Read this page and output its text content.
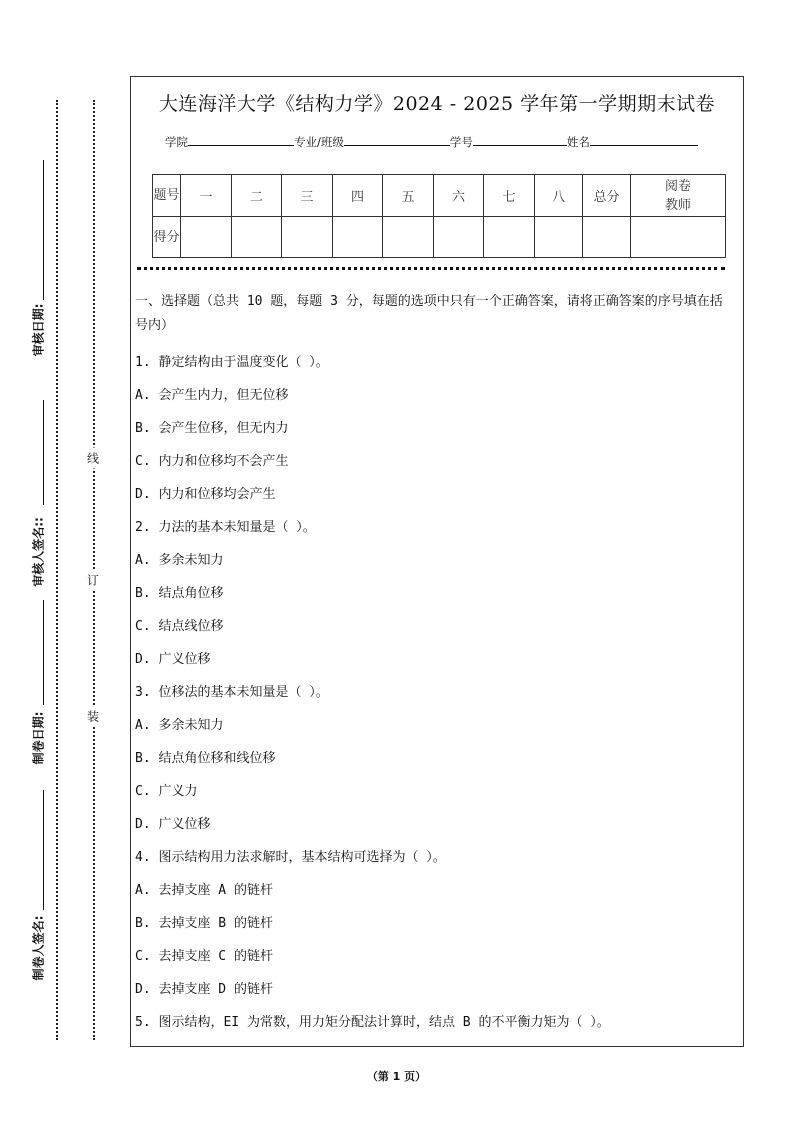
审核日期:
审核人签名::
制卷日期:
制卷人签名:
线
订
装
大连海洋大学《结构力学》2024 - 2025 学年第一学期期末试卷
学院	专业/班级	学号	姓名
题号	一	二	三	四	五	六	七	八	总分	阅卷教师
得分										
一、选择题（总共 10 题，每题 3 分，每题的选项中只有一个正确答案，请将正确答案的序号填在括号内）
1. 静定结构由于温度变化（ ）。
A. 会产生内力，但无位移
B. 会产生位移，但无内力
C. 内力和位移均不会产生
D. 内力和位移均会产生
2. 力法的基本未知量是（ ）。
A. 多余未知力
B. 结点角位移
C. 结点线位移
D. 广义位移
3. 位移法的基本未知量是（ ）。
A. 多余未知力
B. 结点角位移和线位移
C. 广义力
D. 广义位移
4. 图示结构用力法求解时，基本结构可选择为（ ）。
A. 去掉支座 A 的链杆
B. 去掉支座 B 的链杆
C. 去掉支座 C 的链杆
D. 去掉支座 D 的链杆
5. 图示结构，EI 为常数，用力矩分配法计算时，结点 B 的不平衡力矩为（ ）。
（第 1 页）
